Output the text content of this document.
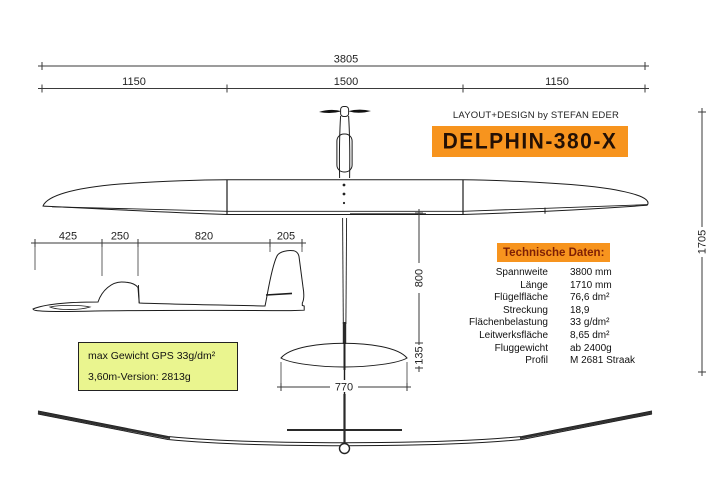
3805
1150	1500	1150
425	250	820	205	1705
800
135
770
LAYOUT+DESIGN by STEFAN EDER
DELPHIN-380-X
Technische Daten:
Spannweite 3800 mm
Länge 1710 mm
Flügelfläche 76,6 dm²
Streckung 18,9
Flächenbelastung 33 g/dm²
Leitwerksfläche 8,65 dm²
Fluggewicht ab 2400g
Profil M 2681 Straak
max Gewicht GPS 33g/dm²
3,60m-Version: 2813g
